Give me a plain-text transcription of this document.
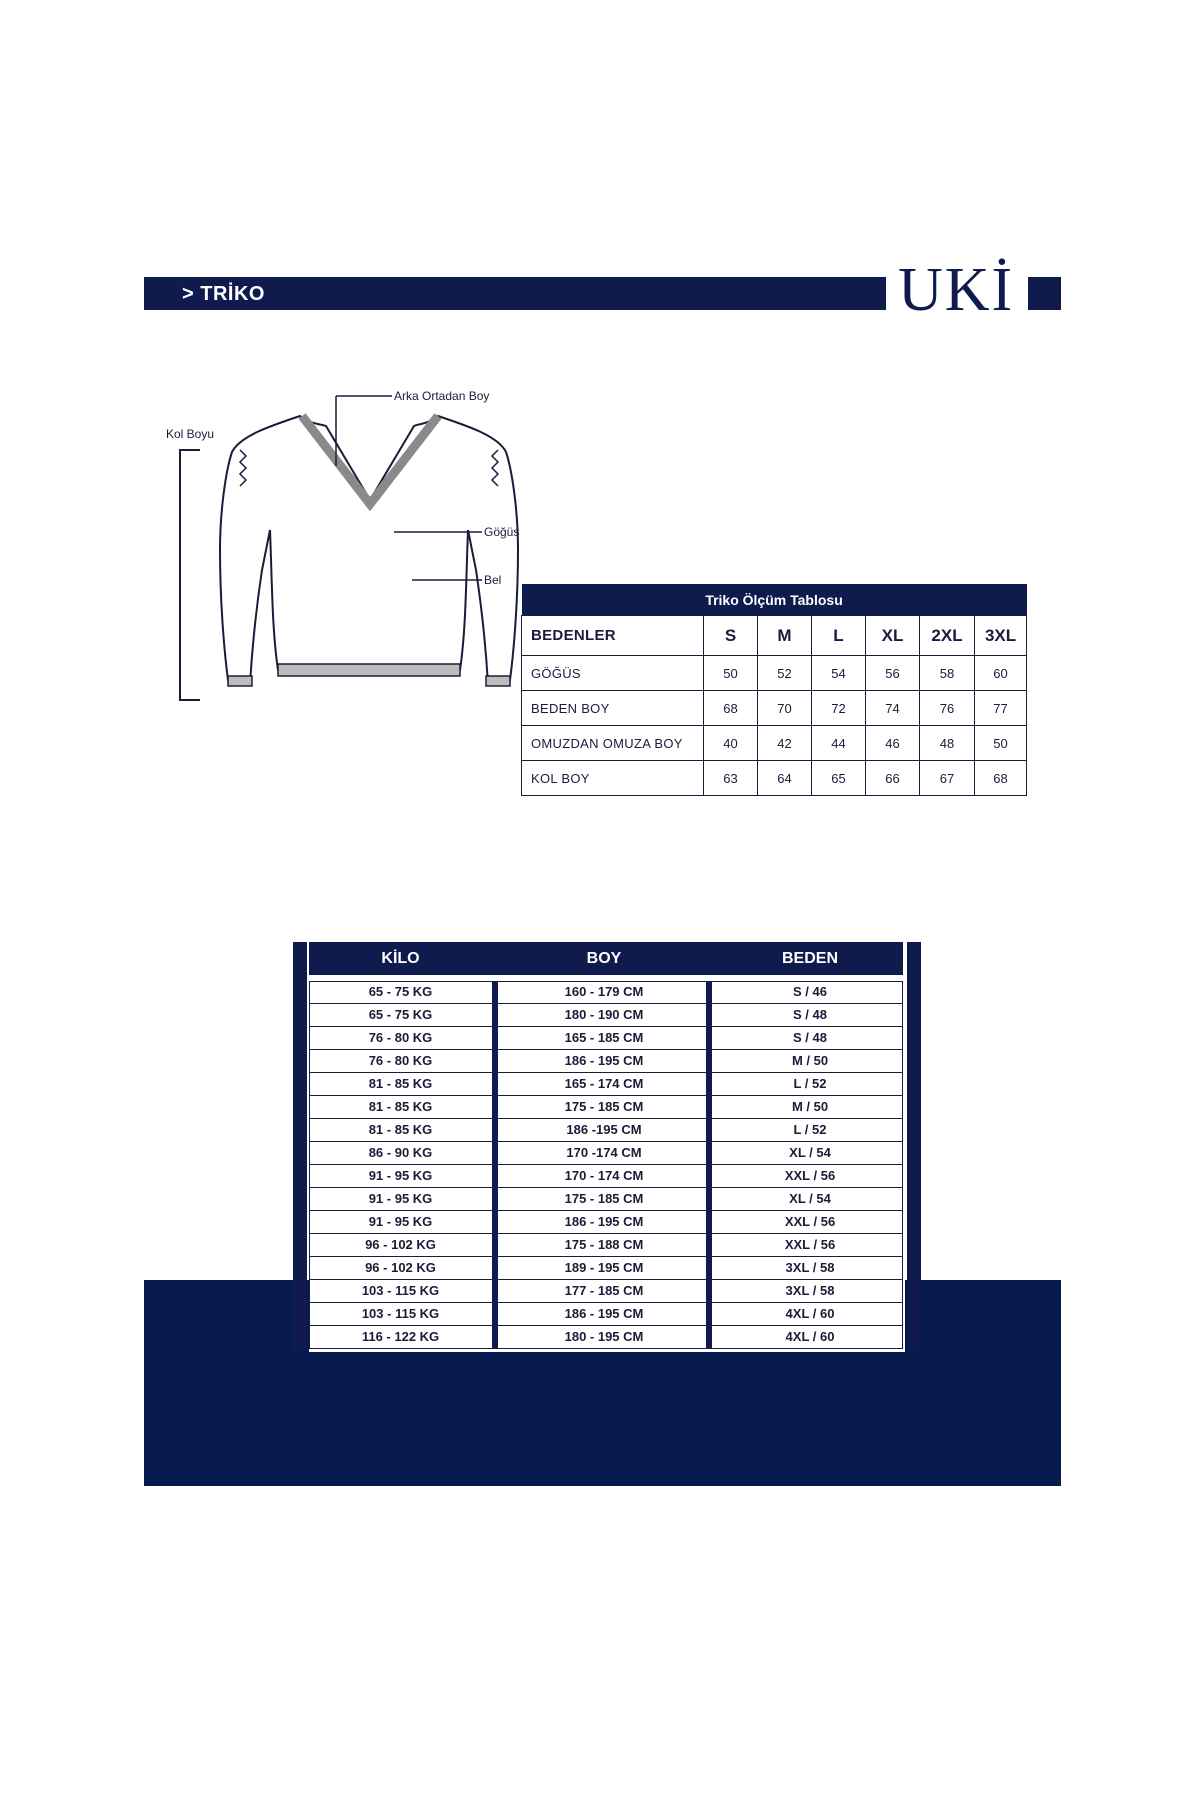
> TRİKO	UKİ
Kol Boyu
Arka Ortadan Boy
Göğüs
Bel
Triko Ölçüm Tablosu						
BEDENLER	S	M	L	XL	2XL	3XL
GÖĞÜS	50	52	54	56	58	60
BEDEN BOY	68	70	72	74	76	77
OMUZDAN OMUZA BOY	40	42	44	46	48	50
KOL BOY	63	64	65	66	67	68
KİLO	BOY	BEDEN
65 - 75 KG	160 - 179 CM	S / 46
65 - 75 KG	180 - 190 CM	S / 48
76 - 80 KG	165 - 185 CM	S / 48
76 - 80 KG	186 - 195 CM	M / 50
81 - 85 KG	165 - 174 CM	L / 52
81 - 85 KG	175 - 185 CM	M / 50
81 - 85 KG	186 -195 CM	L / 52
86 - 90 KG	170 -174 CM	XL / 54
91 - 95 KG	170 - 174 CM	XXL / 56
91 - 95 KG	175 - 185 CM	XL / 54
91 - 95 KG	186 - 195 CM	XXL / 56
96 - 102 KG	175 - 188 CM	XXL / 56
96 - 102 KG	189 - 195 CM	3XL / 58
103 - 115 KG	177 - 185 CM	3XL / 58
103 - 115 KG	186 - 195 CM	4XL / 60
116 - 122 KG	180 - 195 CM	4XL / 60
